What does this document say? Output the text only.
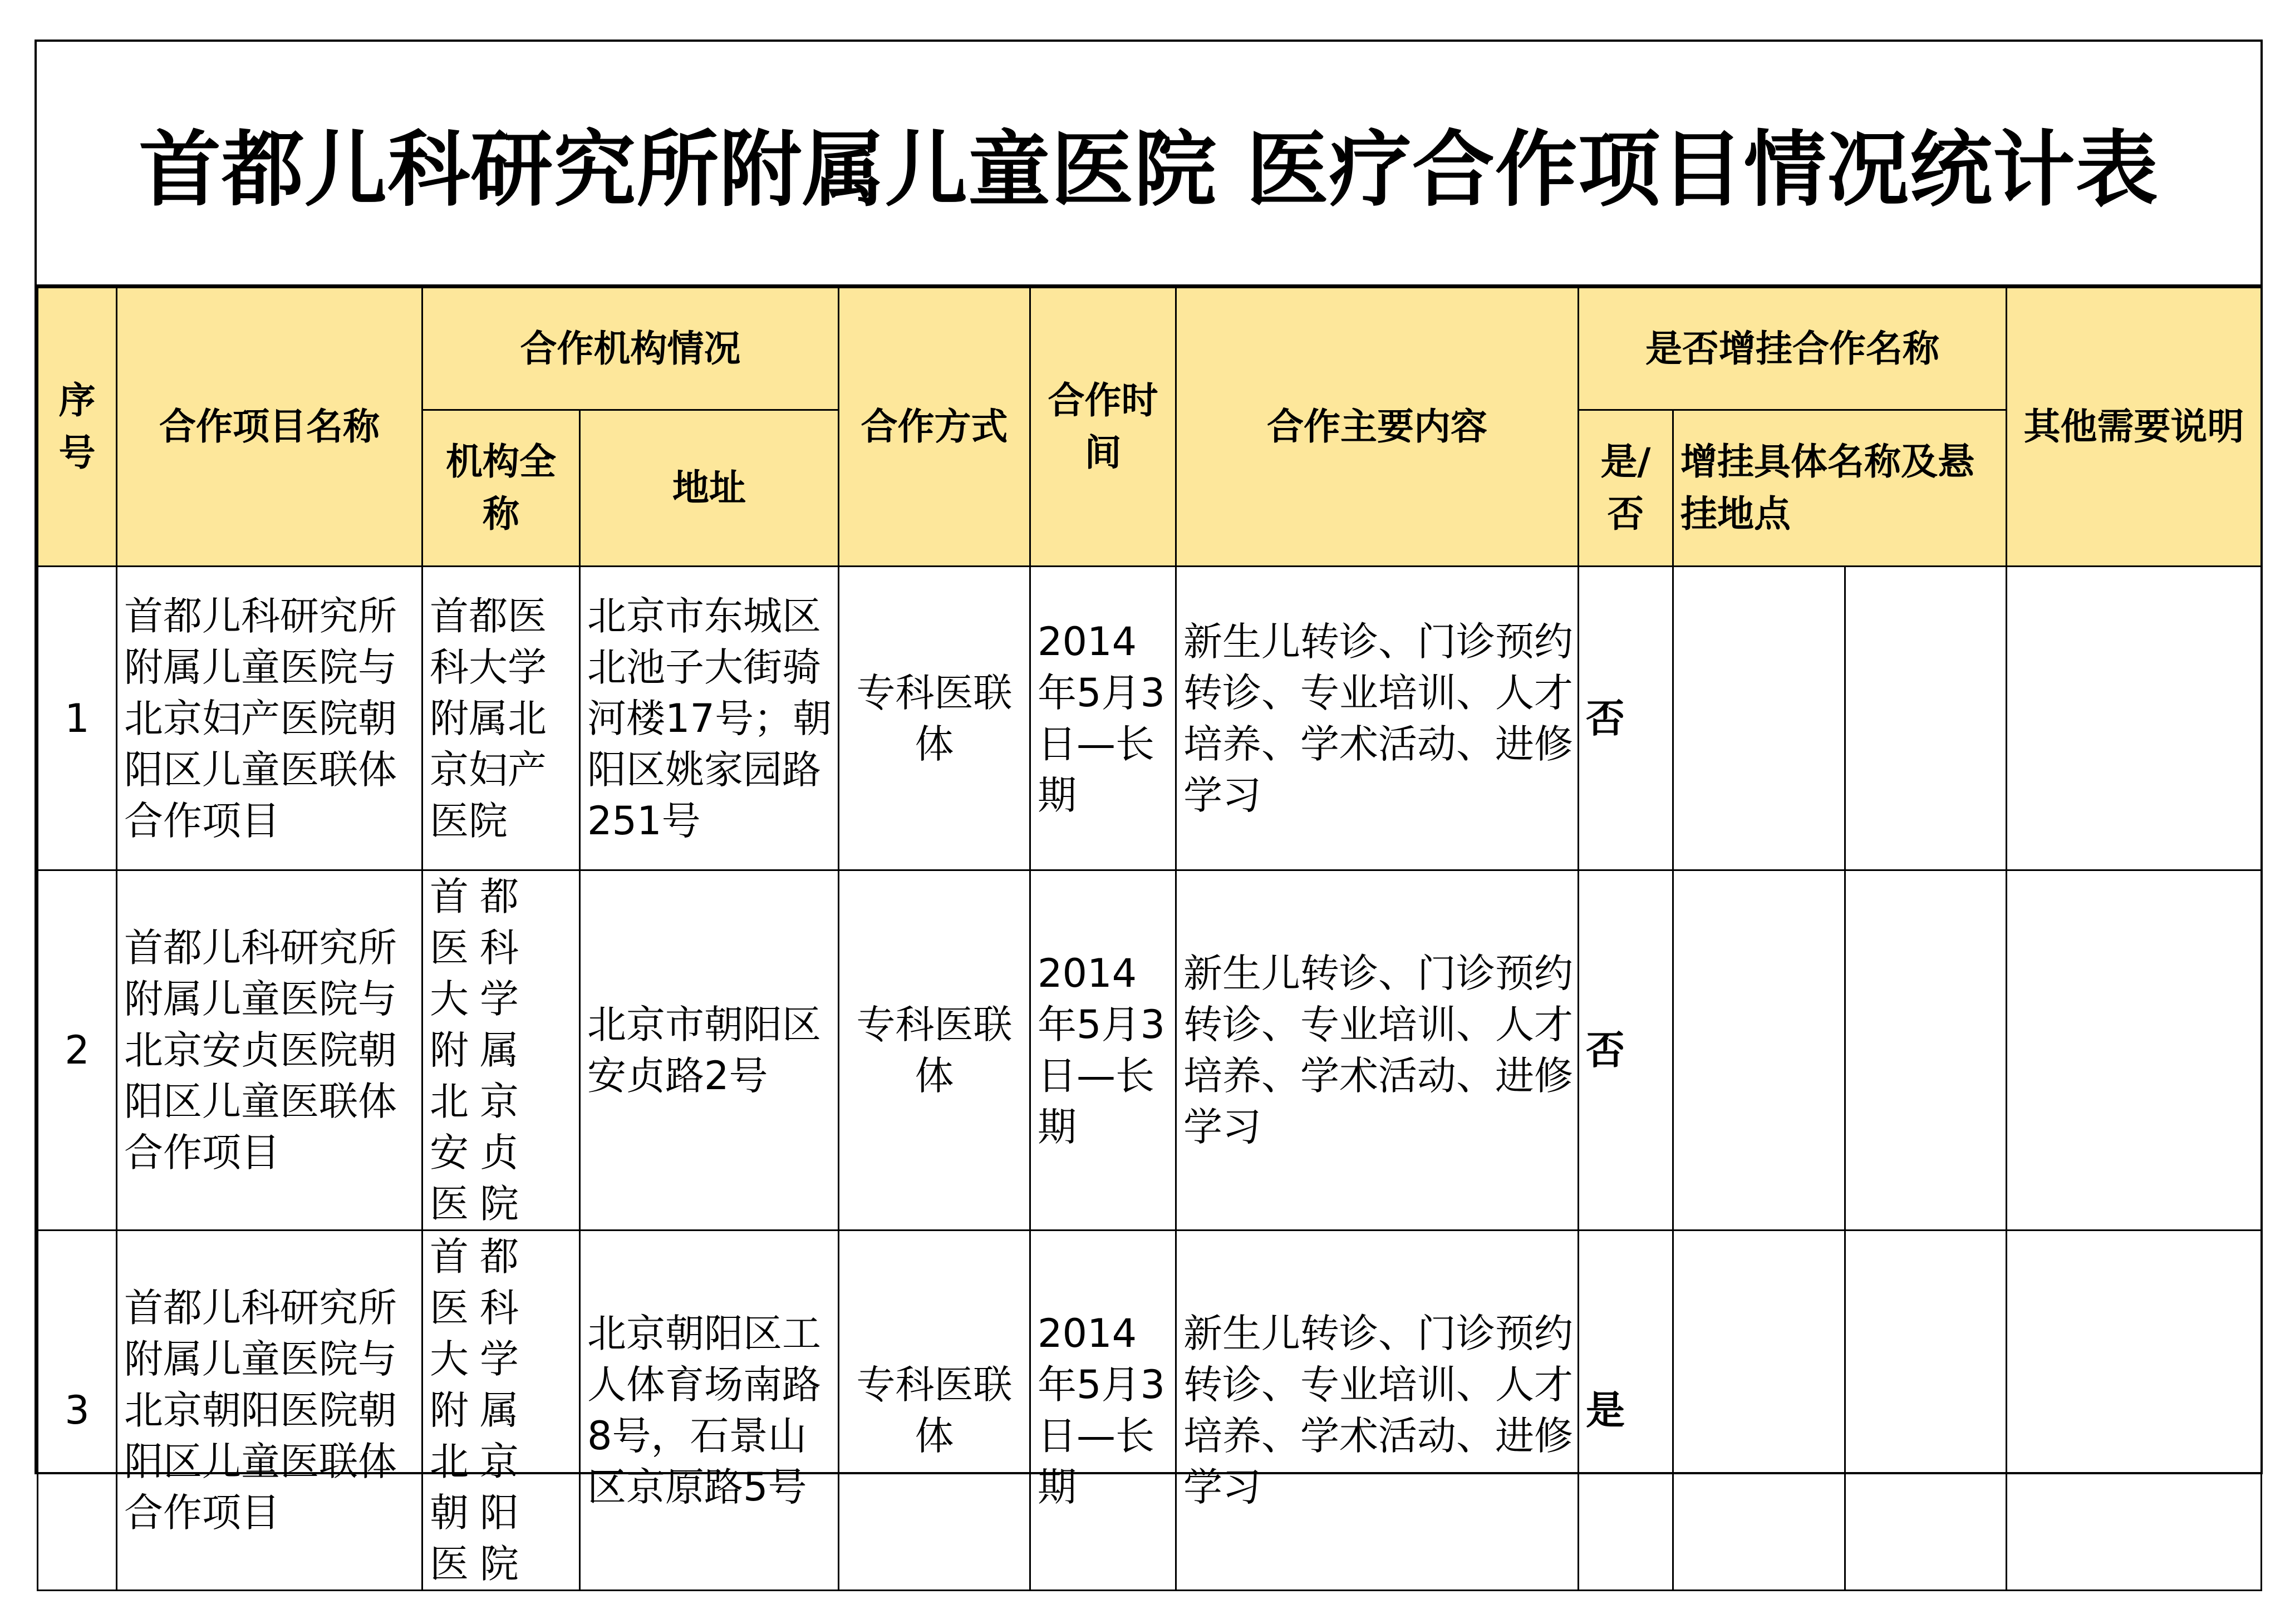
首都儿科研究所附属儿童医院 医疗合作项目情况统计表
序号	合作项目名称	合作机构情况		合作方式	合作时间	合作主要内容	是否增挂合作名称			其他需要说明
		机构全称	地址				是/否	增挂具体名称及悬挂地点		
1	首都儿科研究所附属儿童医院与北京妇产医院朝阳区儿童医联体合作项目	首都医科大学附属北京妇产医院	北京市东城区北池子大街骑河楼17号；朝阳区姚家园路251号	专科医联体	2014年5月3日—长期	新生儿转诊、门诊预约转诊、专业培训、人才培养、学术活动、进修学习	否			
2	首都儿科研究所附属儿童医院与北京安贞医院朝阳区儿童医联体合作项目	首都医科大学附属北京安贞医院	北京市朝阳区安贞路2号	专科医联体	2014 年5月3日—长期	新生儿转诊、门诊预约转诊、专业培训、人才培养、学术活动、进修学习	否			
3	首都儿科研究所附属儿童医院与北京朝阳医院朝阳区儿童医联体合作项目	首都医科大学附属北京朝阳医院	北京朝阳区工人体育场南路8号，石景山区京原路5号	专科医联体	2014 年5月3日—长期	新生儿转诊、门诊预约转诊、专业培训、人才培养、学术活动、进修学习	是			
